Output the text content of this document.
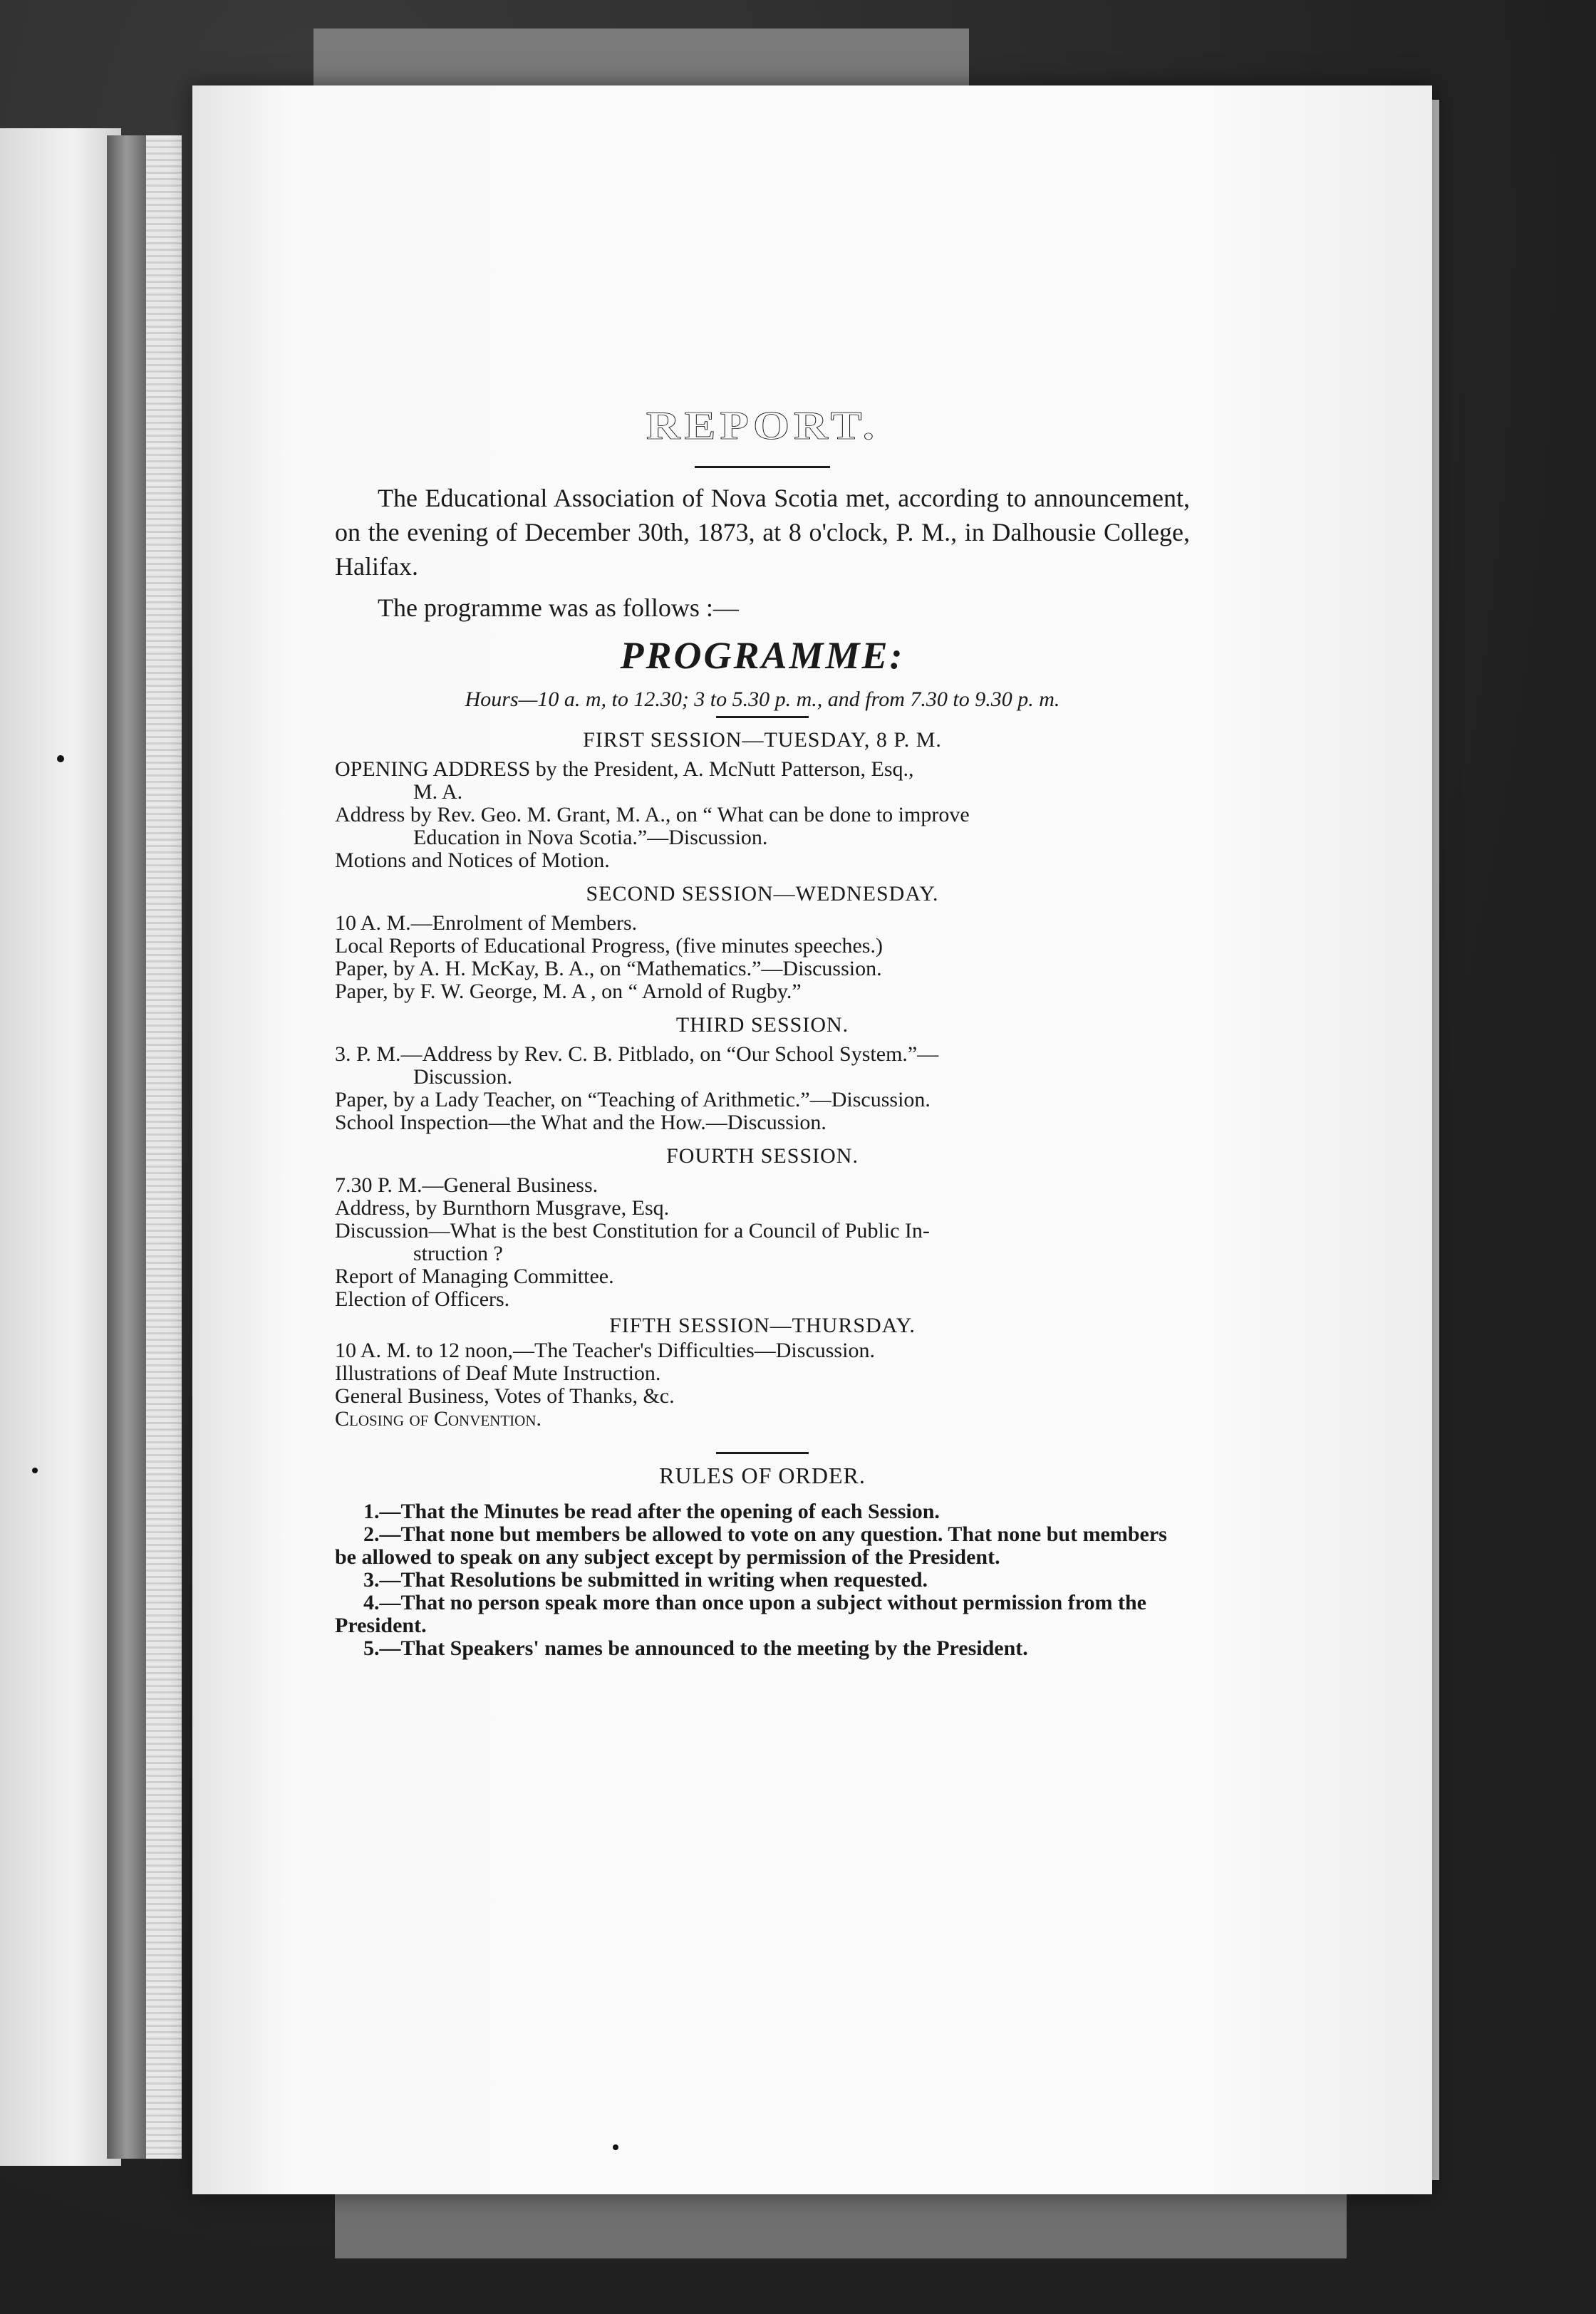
REPORT.

The Educational Association of Nova Scotia met, according to announcement, on the evening of December 30th, 1873, at 8 o'clock, P. M., in Dalhousie College, Halifax.

The programme was as follows :—

PROGRAMME:
Hours—10 a. m, to 12.30; 3 to 5.30 p. m., and from 7.30 to 9.30 p. m.
FIRST SESSION—TUESDAY, 8 P. M.
OPENING ADDRESS by the President, A. McNutt Patterson, Esq.,
M. A.
Address by Rev. Geo. M. Grant, M. A., on “ What can be done to improve
Education in Nova Scotia.”—Discussion.
Motions and Notices of Motion.
SECOND SESSION—WEDNESDAY.
10 A. M.—Enrolment of Members.
Local Reports of Educational Progress, (five minutes speeches.)
Paper, by A. H. McKay, B. A., on “Mathematics.”—Discussion.
Paper, by F. W. George, M. A , on “ Arnold of Rugby.”
THIRD SESSION.
3. P. M.—Address by Rev. C. B. Pitblado, on “Our School System.”—
Discussion.
Paper, by a Lady Teacher, on “Teaching of Arithmetic.”—Discussion.
School Inspection—the What and the How.—Discussion.
FOURTH SESSION.
7.30 P. M.—General Business.
Address, by Burnthorn Musgrave, Esq.
Discussion—What is the best Constitution for a Council of Public In-
struction ?
Report of Managing Committee.
Election of Officers.
FIFTH SESSION—THURSDAY.
10 A. M. to 12 noon,—The Teacher's Difficulties—Discussion.
Illustrations of Deaf Mute Instruction.
General Business, Votes of Thanks, &c.
Closing of Convention.
RULES OF ORDER.
1.—That the Minutes be read after the opening of each Session.
2.—That none but members be allowed to vote on any question. That none but members be allowed to speak on any subject except by permission of the President.
3.—That Resolutions be submitted in writing when requested.
4.—That no person speak more than once upon a subject without permission from the President.
5.—That Speakers' names be announced to the meeting by the President.
